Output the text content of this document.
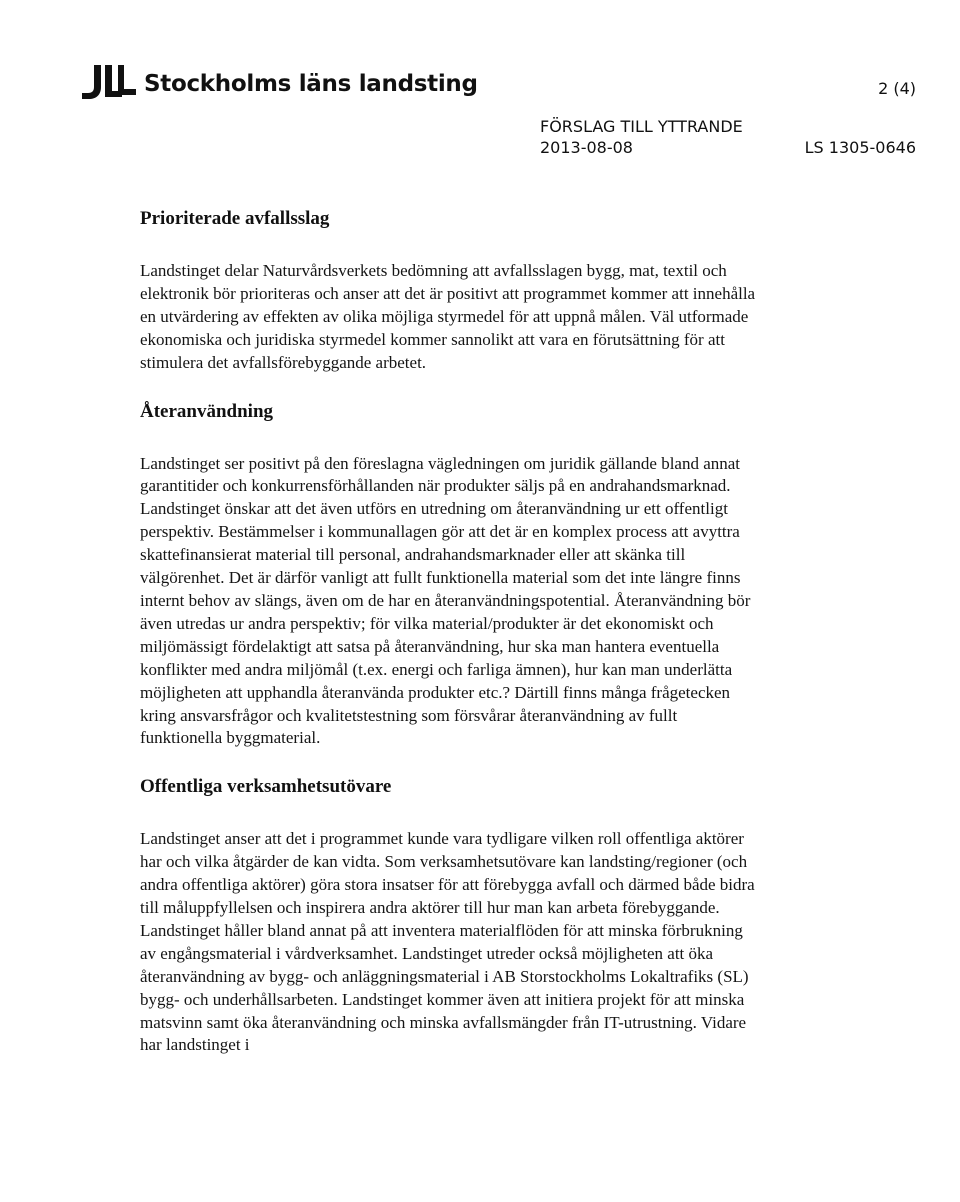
Stockholms läns landsting	2 (4)
FÖRSLAG TILL YTTRANDE
2013-08-08	LS 1305-0646
Prioriterade avfallsslag

Landstinget delar Naturvårdsverkets bedömning att avfallsslagen bygg, mat, textil och elektronik bör prioriteras och anser att det är positivt att programmet kommer att innehålla en utvärdering av effekten av olika möjliga styrmedel för att uppnå målen. Väl utformade ekonomiska och juridiska styrmedel kommer sannolikt att vara en förutsättning för att stimulera det avfallsförebyggande arbetet.

Återanvändning

Landstinget ser positivt på den föreslagna vägledningen om juridik gällande bland annat garantitider och konkurrensförhållanden när produkter säljs på en andrahandsmarknad. Landstinget önskar att det även utförs en utredning om återanvändning ur ett offentligt perspektiv. Bestämmelser i kommunallagen gör att det är en komplex process att avyttra skattefinansierat material till personal, andrahandsmarknader eller att skänka till välgörenhet. Det är därför vanligt att fullt funktionella material som det inte längre finns internt behov av slängs, även om de har en återanvändningspotential. Återanvändning bör även utredas ur andra perspektiv; för vilka material/produkter är det ekonomiskt och miljömässigt fördelaktigt att satsa på återanvändning, hur ska man hantera eventuella konflikter med andra miljömål (t.ex. energi och farliga ämnen), hur kan man underlätta möjligheten att upphandla återanvända produkter etc.? Därtill finns många frågetecken kring ansvarsfrågor och kvalitetstestning som försvårar återanvändning av fullt funktionella byggmaterial.

Offentliga verksamhetsutövare

Landstinget anser att det i programmet kunde vara tydligare vilken roll offentliga aktörer har och vilka åtgärder de kan vidta. Som verksamhetsutövare kan landsting/regioner (och andra offentliga aktörer) göra stora insatser för att förebygga avfall och därmed både bidra till måluppfyllelsen och inspirera andra aktörer till hur man kan arbeta förebyggande. Landstinget håller bland annat på att inventera materialflöden för att minska förbrukning av engångsmaterial i vårdverksamhet. Landstinget utreder också möjligheten att öka återanvändning av bygg- och anläggningsmaterial i AB Storstockholms Lokaltrafiks (SL) bygg- och underhållsarbeten. Landstinget kommer även att initiera projekt för att minska matsvinn samt öka återanvändning och minska avfallsmängder från IT-utrustning. Vidare har landstinget i
